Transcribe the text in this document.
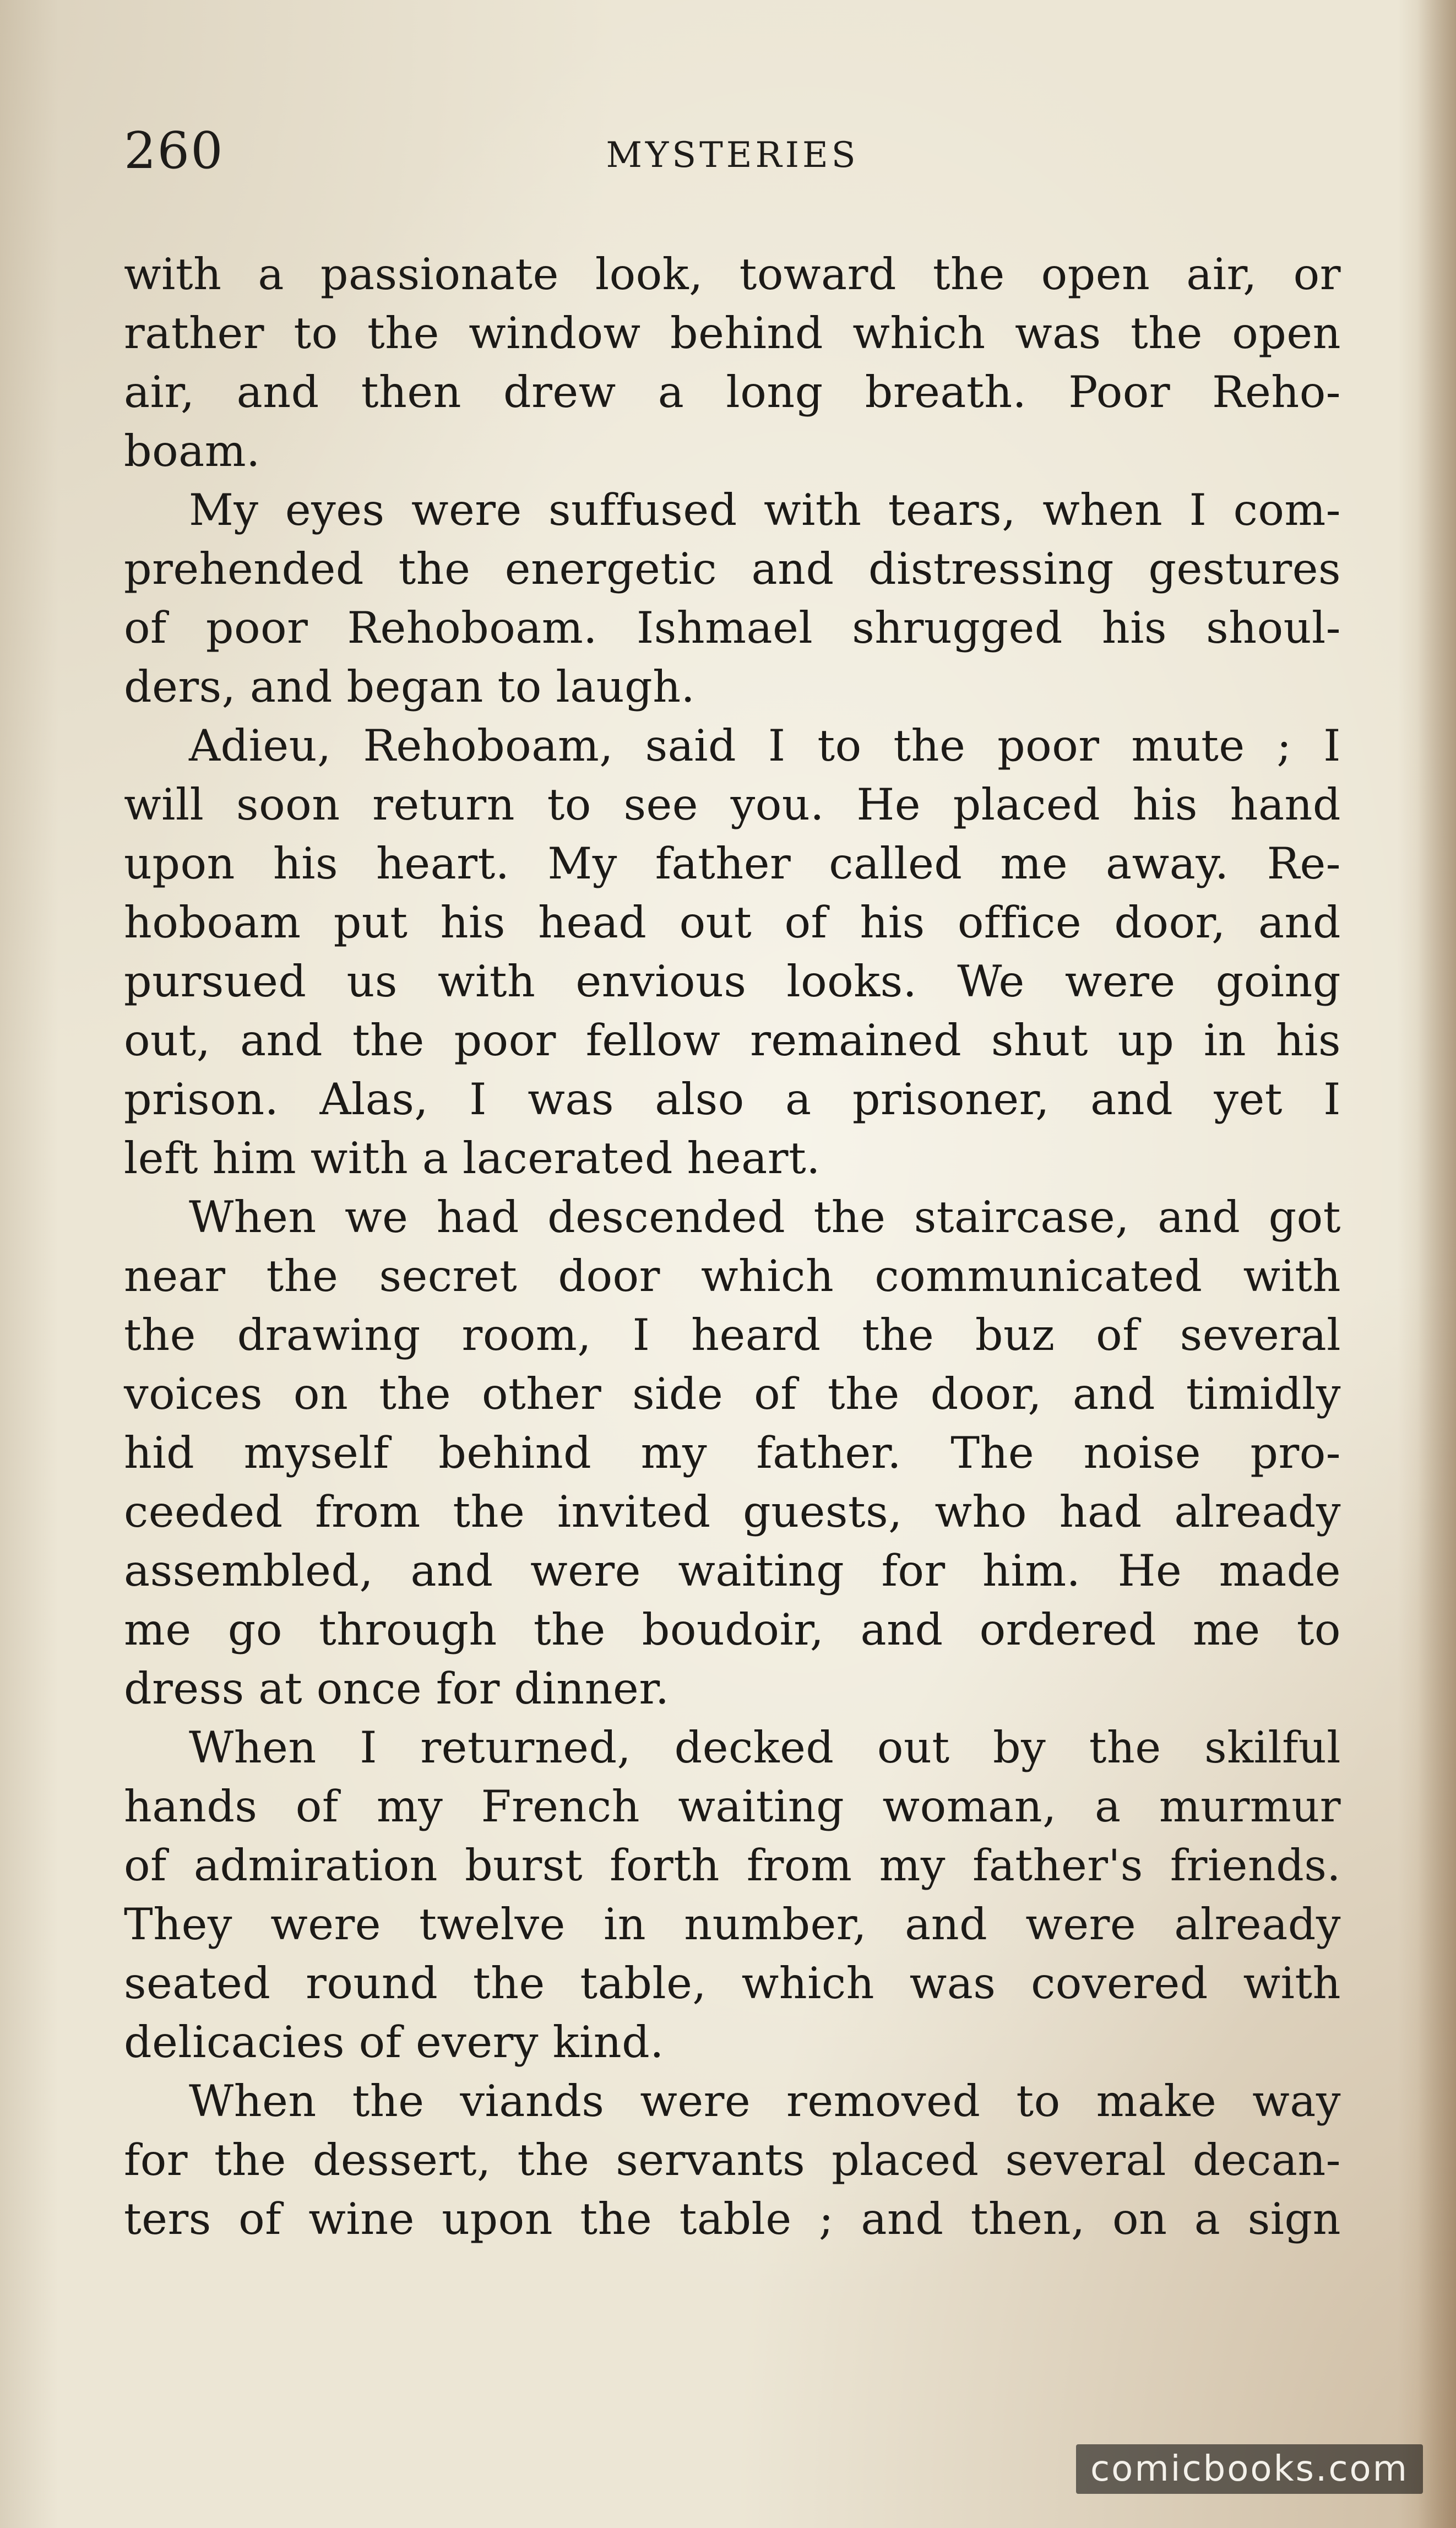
260	MYSTERIES
with a passionate look, toward the open air, or
rather to the window behind which was the open
air, and then drew a long breath. Poor Reho-
boam.
My eyes were suffused with tears, when I com-
prehended the energetic and distressing gestures
of poor Rehoboam. Ishmael shrugged his shoul-
ders, and began to laugh.
Adieu, Rehoboam, said I to the poor mute ; I
will soon return to see you. He placed his hand
upon his heart. My father called me away. Re-
hoboam put his head out of his office door, and
pursued us with envious looks. We were going
out, and the poor fellow remained shut up in his
prison. Alas, I was also a prisoner, and yet I
left him with a lacerated heart.
When we had descended the staircase, and got
near the secret door which communicated with
the drawing room, I heard the buz of several
voices on the other side of the door, and timidly
hid myself behind my father. The noise pro-
ceeded from the invited guests, who had already
assembled, and were waiting for him. He made
me go through the boudoir, and ordered me to
dress at once for dinner.
When I returned, decked out by the skilful
hands of my French waiting woman, a murmur
of admiration burst forth from my father's friends.
They were twelve in number, and were already
seated round the table, which was covered with
delicacies of every kind.
When the viands were removed to make way
for the dessert, the servants placed several decan-
ters of wine upon the table ; and then, on a sign
comicbooks.com
